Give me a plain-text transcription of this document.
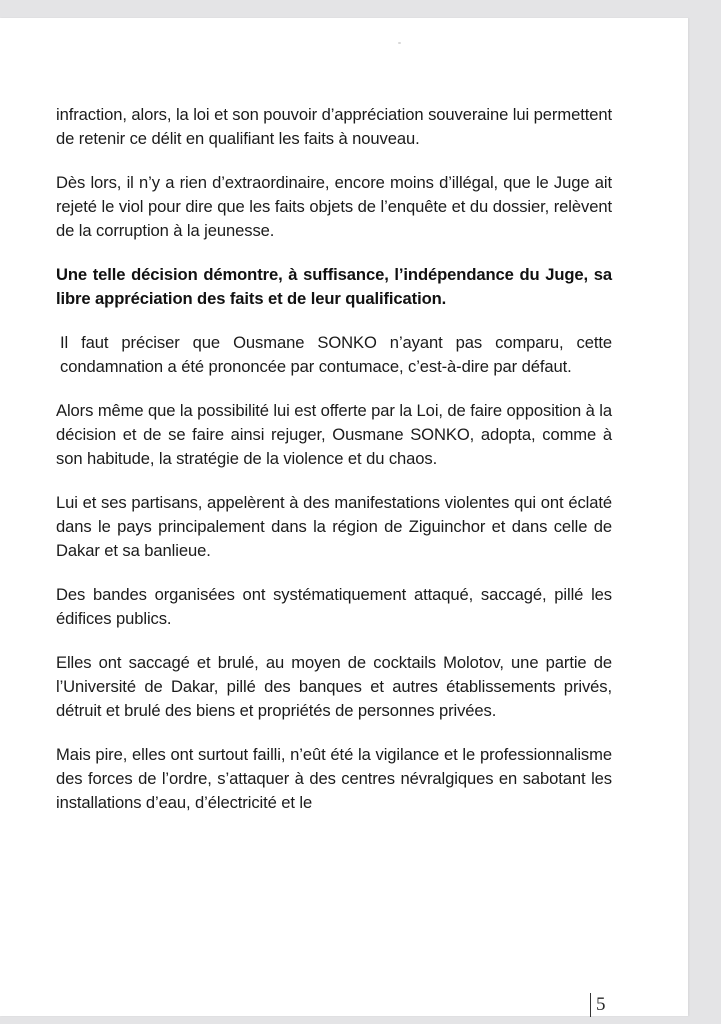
infraction, alors, la loi et son pouvoir d’appréciation souveraine lui permettent de retenir ce délit en qualifiant les faits à nouveau.

Dès lors, il n’y a rien d’extraordinaire, encore moins d’illégal, que le Juge ait rejeté le viol pour dire que les faits objets de l’enquête et du dossier, relèvent de la corruption à la jeunesse.

Une telle décision démontre, à suffisance, l’indépendance du Juge, sa libre appréciation des faits et de leur qualification.

Il faut préciser que Ousmane SONKO n’ayant pas comparu, cette condamnation a été prononcée par contumace, c’est-à-dire par défaut.

Alors même que la possibilité lui est offerte par la Loi, de faire opposition à la décision et de se faire ainsi rejuger, Ousmane SONKO, adopta, comme à son habitude, la stratégie de la violence et du chaos.

Lui et ses partisans, appelèrent à des manifestations violentes qui ont éclaté dans le pays principalement dans la région de Ziguinchor et dans celle de Dakar et sa banlieue.

Des bandes organisées ont systématiquement attaqué, saccagé, pillé les édifices publics.

Elles ont saccagé et brulé, au moyen de cocktails Molotov, une partie de l’Université de Dakar, pillé des banques et autres établissements privés, détruit et brulé des biens et propriétés de personnes privées.

Mais pire, elles ont surtout failli, n’eût été la vigilance et le professionnalisme des forces de l’ordre, s’attaquer à des centres névralgiques en sabotant les installations d’eau, d’électricité et le

5
